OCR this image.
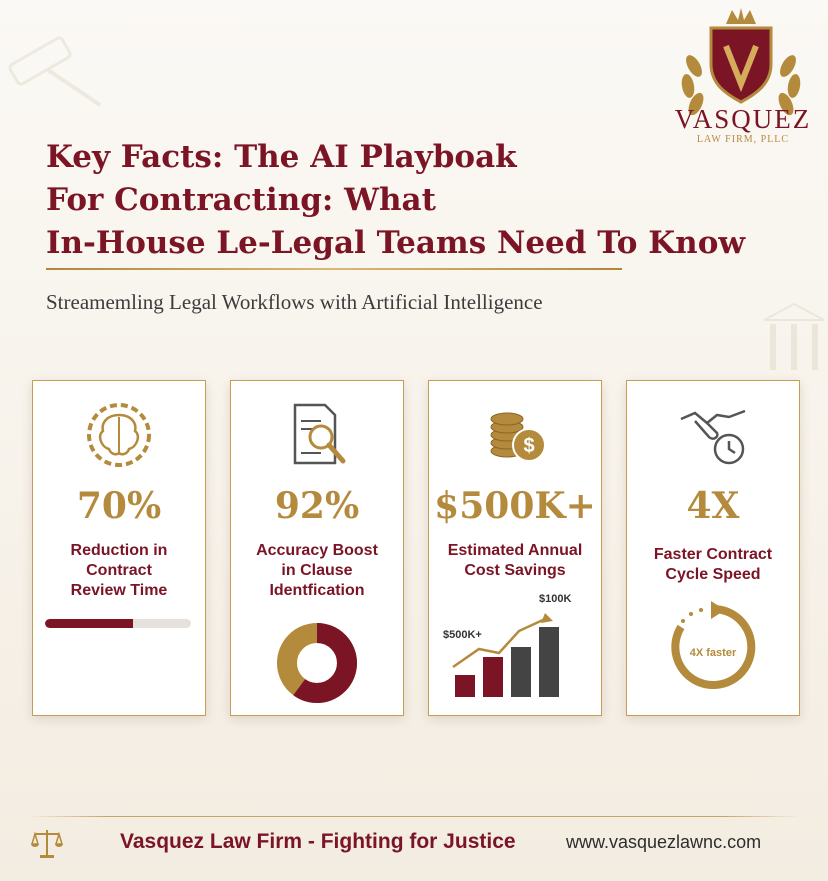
VASQUEZ
LAW FIRM, PLLC
Key Facts: The AI Playboak
For Contracting: What
In-House Le-Legal Teams Need To Know
Streamemling Legal Workflows with Artificial Intelligence
70%
Reduction in
Contract
Review Time
92%
Accuracy Boost
in Clause
Identfication
$
$500K+
Estimated Annual
Cost Savings
$100K
$500K+
4X
Faster Contract
Cycle Speed
4X faster
Vasquez Law Firm - Fighting for Justice	www.vasquezlawnc.com
